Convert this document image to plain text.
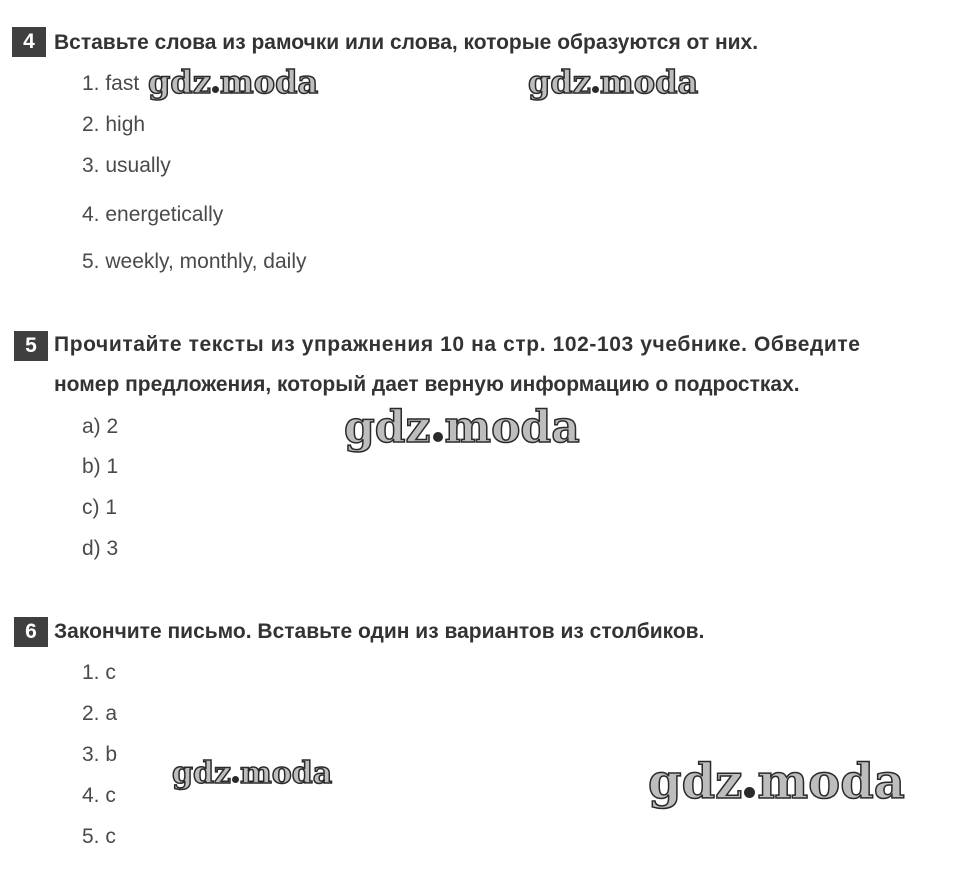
4 Вставьте слова из рамочки или слова, которые образуются от них.
1. fast
2. high
3. usually
4. energetically
5. weekly, monthly, daily
5 Прочитайте тексты из упражнения 10 на стр. 102-103 учебнике. Обведите
номер предложения, который дает верную информацию о подростках.
a) 2
b) 1
c) 1
d) 3
6 Закончите письмо. Вставьте один из вариантов из столбиков.
1. c
2. a
3. b
4. c
5. c
gdz moda	gdz moda
gdz moda
gdz moda	gdz moda
